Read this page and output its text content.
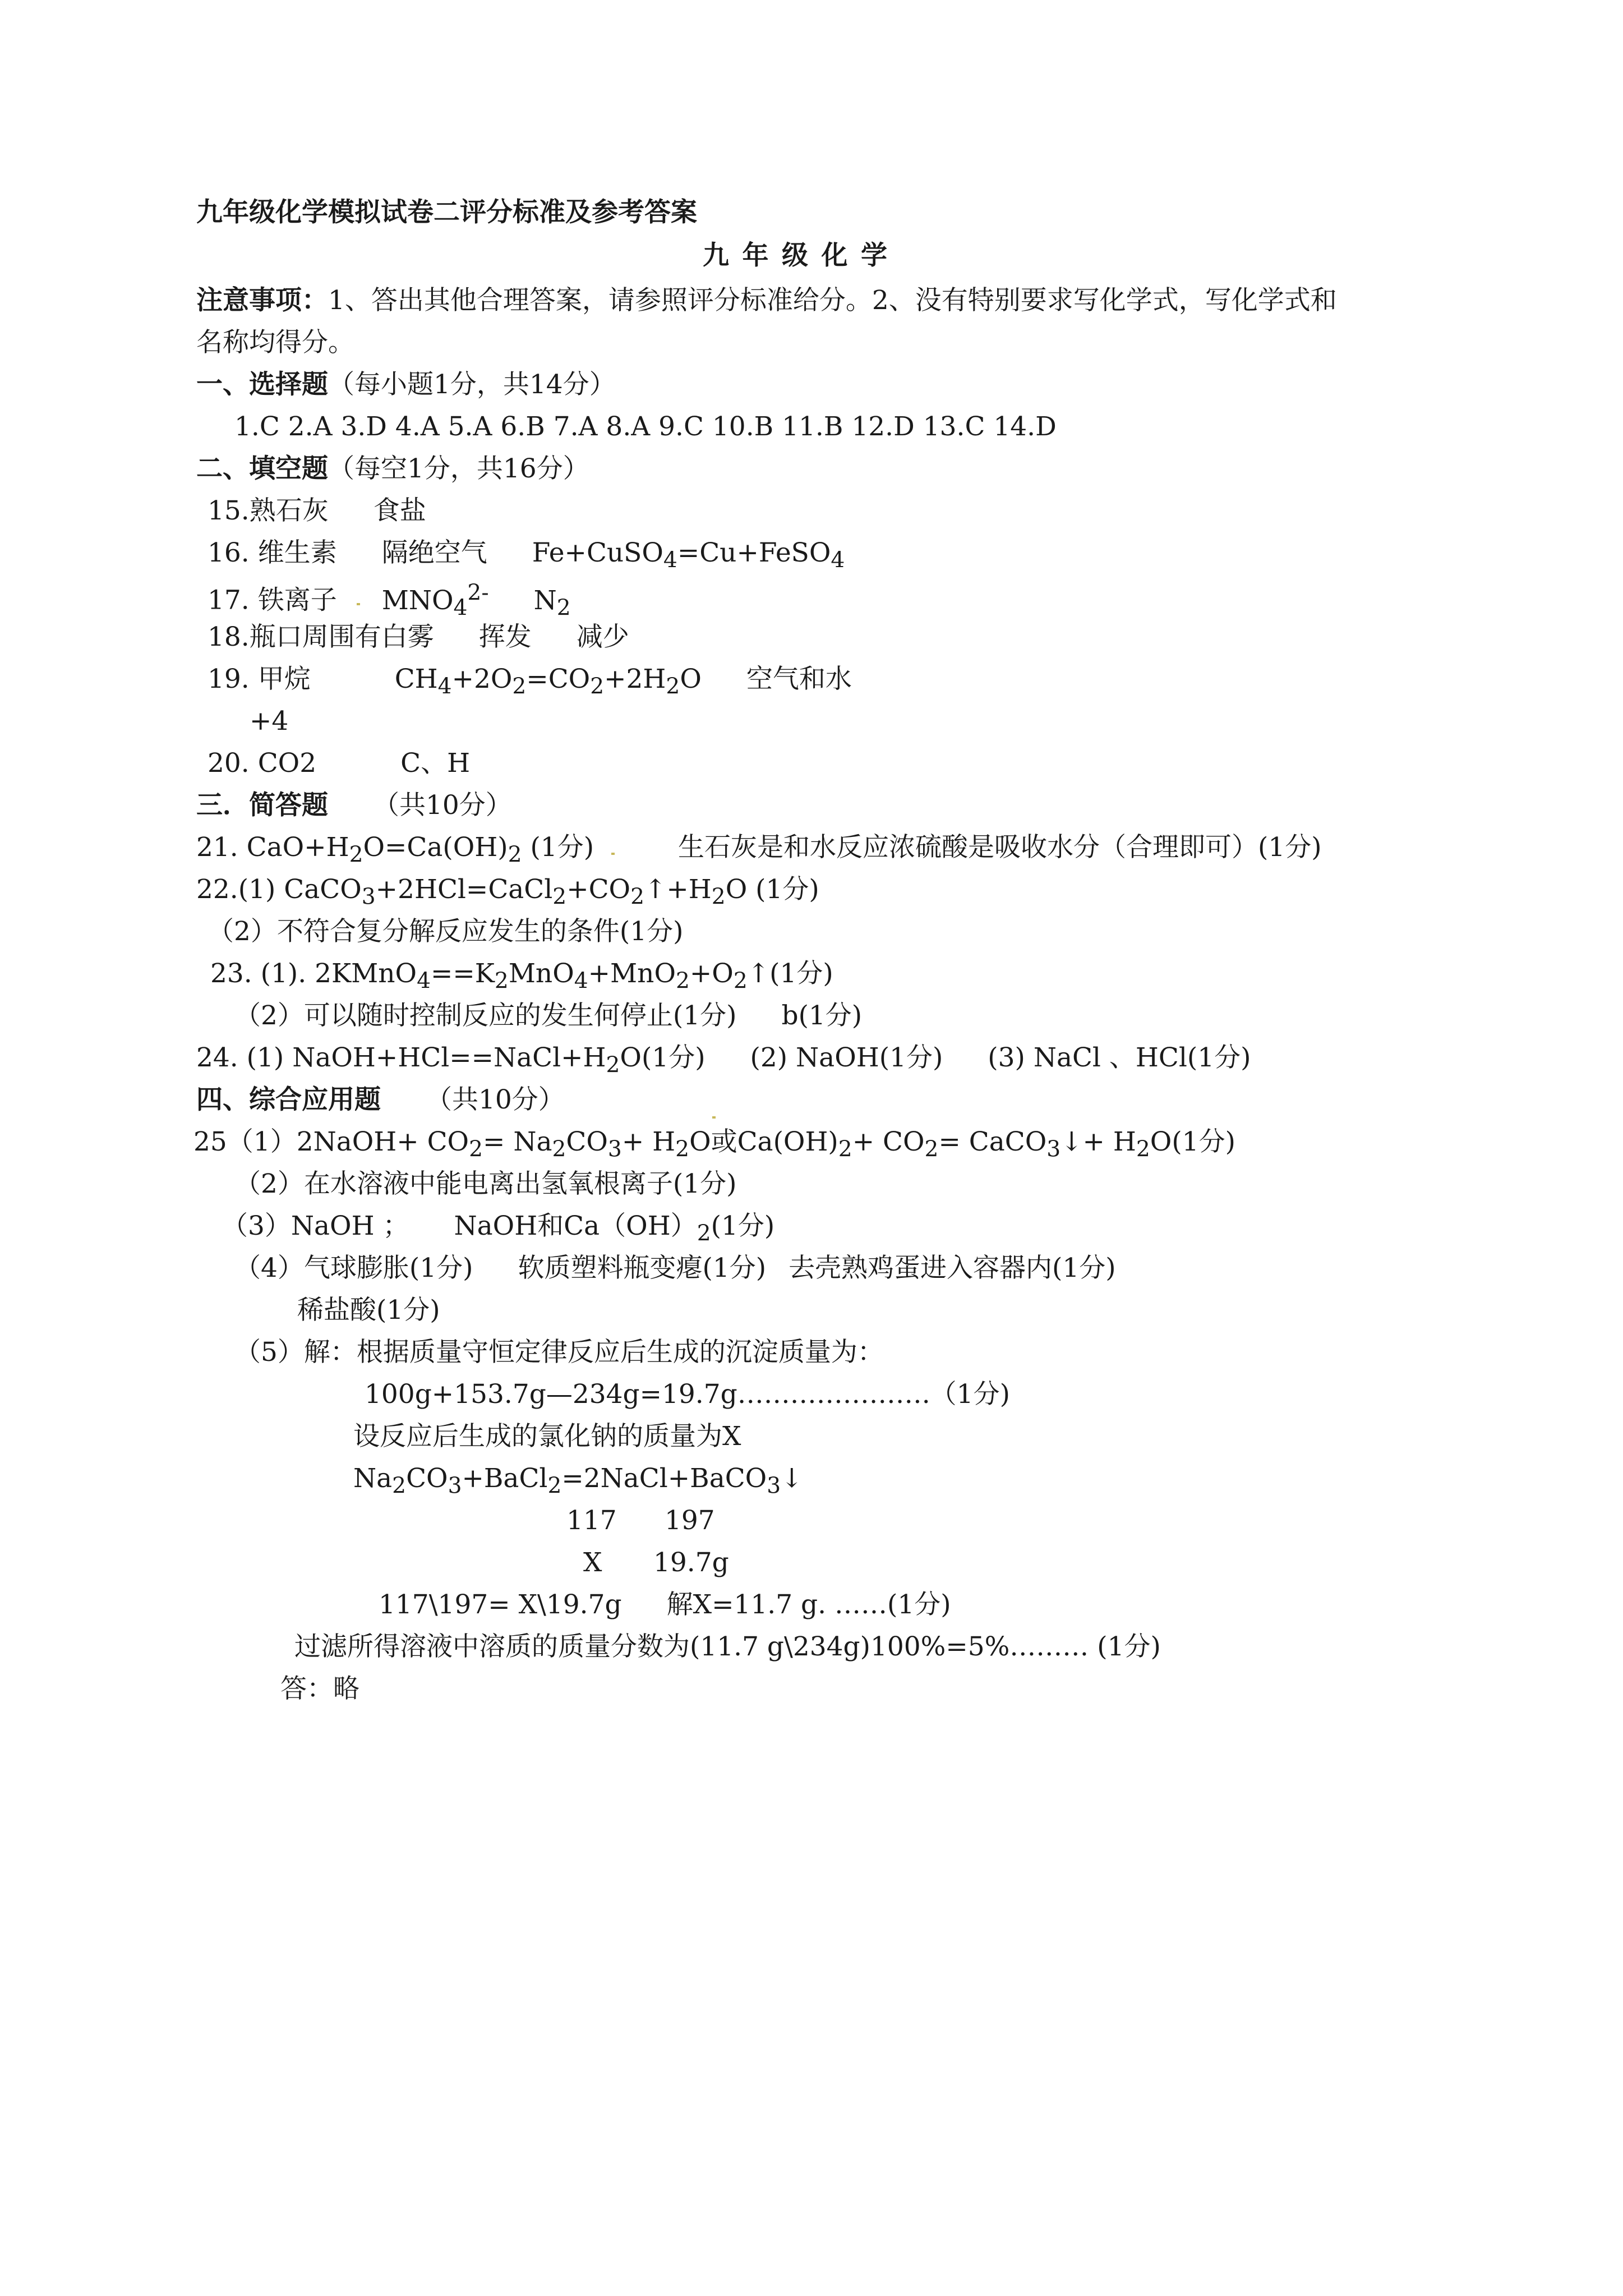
九年级化学模拟试卷二评分标准及参考答案
九年级化学
注意事项：1、答出其他合理答案，请参照评分标准给分。2、没有特别要求写化学式，写化学式和
名称均得分。
一、选择题（每小题1分，共14分）
1.C 2.A 3.D 4.A 5.A 6.B 7.A 8.A 9.C 10.B 11.B 12.D 13.C 14.D
二、填空题（每空1分，共16分）
15.熟石灰 食盐
16. 维生素 隔绝空气 Fe+CuSO$_4$=Cu+FeSO$_4$
17. 铁离子 $MNO_4^{2-}$ $N_2$
18.瓶口周围有白雾 挥发 减少
19. 甲烷	$CH_4+2O_2=CO_2+2H_2O$ 空气和水
+4
20. CO2	C、H
三．简答题 （共10分）
21. $CaO+H_2O=Ca(OH)_2$ (1分)	生石灰是和水反应浓硫酸是吸收水分（合理即可）(1分)
22.(1) $CaCO_3+2HCl=CaCl_2+CO_2↑+H_2O$ (1分)
（2）不符合复分解反应发生的条件(1分)
23. (1). $2KMnO_4==K_2MnO_4+MnO_2+O_2↑(1$分)
（2）可以随时控制反应的发生何停止(1分) b(1分)
24. (1) $NaOH+HCl==NaCl+H_2O(1$分) (2) NaOH(1分) (3) NaCl 、HCl(1分)
四、综合应用题 （共10分）
25（1）2NaOH+ $CO_2= Na_2CO_3+ H_2O$或$Ca(OH)_2+ CO_2=$ CaCO$_3$↓+ $H_2O(1$分)
（2）在水溶液中能电离出氢氧根离子(1分)
（3）NaOH ； NaOH和$Ca(OH)_2(1$分)
（4）气球膨胀(1分) 软质塑料瓶变瘪(1分) 去壳熟鸡蛋进入容器内(1分)
稀盐酸(1分)
（5）解：根据质量守恒定律反应后生成的沉淀质量为：
100g+153.7g—234g=19.7g………………….（1分)
设反应后生成的氯化钠的质量为X
$Na_2CO_3+BaCl_2=2NaCl+BaCO_3↓$
117 197
X 19.7g
117\197= X\19.7g 解X=11.7 g. ……(1分)
过滤所得溶液中溶质的质量分数为(11.7 g\234g)100%=5%……… (1分)
答：略
